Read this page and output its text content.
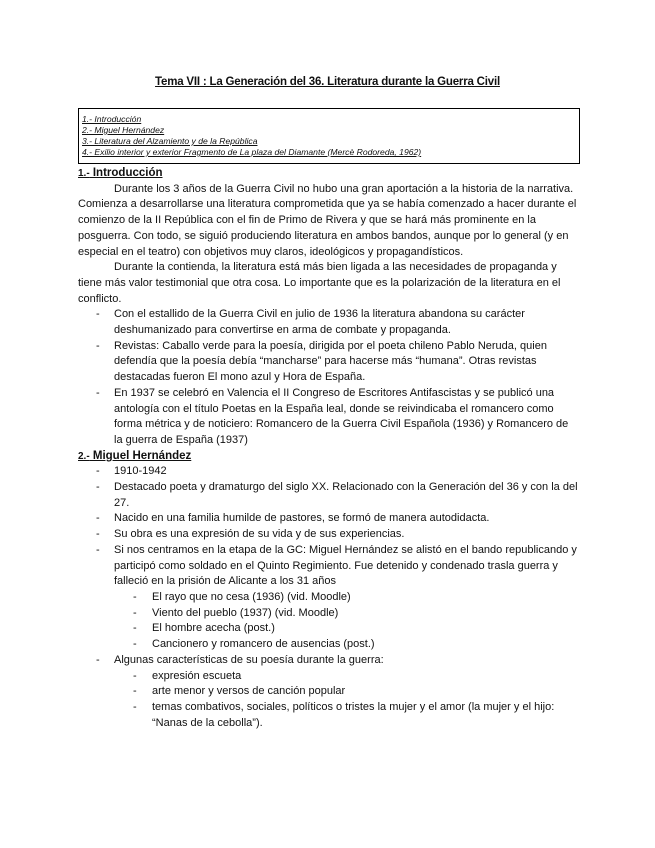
Tema VII : La Generación del 36. Literatura durante la Guerra Civil
1.- Introducción
2.- Miguel Hernández
3.- Literatura del Alzamiento y de la República
4.- Exilio interior y exterior Fragmento de La plaza del Diamante (Mercè Rodoreda, 1962)
1.- Introducción
Durante los 3 años de la Guerra Civil no hubo una gran aportación a la historia de la narrativa. Comienza a desarrollarse una literatura comprometida que ya se había comenzado a hacer durante el comienzo de la II República con el fin de Primo de Rivera y que se hará más prominente en la posguerra. Con todo, se siguió produciendo literatura en ambos bandos, aunque por lo general (y en especial en el teatro) con objetivos muy claros, ideológicos y propagandísticos.
Durante la contienda, la literatura está más bien ligada a las necesidades de propaganda y tiene más valor testimonial que otra cosa. Lo importante que es la polarización de la literatura en el conflicto.
- Con el estallido de la Guerra Civil en julio de 1936 la literatura abandona su carácter deshumanizado para convertirse en arma de combate y propaganda.
- Revistas: Caballo verde para la poesía, dirigida por el poeta chileno Pablo Neruda, quien defendía que la poesía debía “mancharse” para hacerse más “humana”. Otras revistas destacadas fueron El mono azul y Hora de España.
- En 1937 se celebró en Valencia el II Congreso de Escritores Antifascistas y se publicó una antología con el título Poetas en la España leal, donde se reivindicaba el romancero como forma métrica y de noticiero: Romancero de la Guerra Civil Española (1936) y Romancero de la guerra de España (1937)
2.- Miguel Hernández
- 1910-1942
- Destacado poeta y dramaturgo del siglo XX. Relacionado con la Generación del 36 y con la del 27.
- Nacido en una familia humilde de pastores, se formó de manera autodidacta.
- Su obra es una expresión de su vida y de sus experiencias.
- Si nos centramos en la etapa de la GC: Miguel Hernández se alistó en el bando republicando y participó como soldado en el Quinto Regimiento. Fue detenido y condenado trasla guerra y falleció en la prisión de Alicante a los 31 años
- El rayo que no cesa (1936) (vid. Moodle)
- Viento del pueblo (1937) (vid. Moodle)
- El hombre acecha (post.)
- Cancionero y romancero de ausencias (post.)
- Algunas características de su poesía durante la guerra:
- expresión escueta
- arte menor y versos de canción popular
- temas combativos, sociales, políticos o tristes la mujer y el amor (la mujer y el hijo: “Nanas de la cebolla”).
